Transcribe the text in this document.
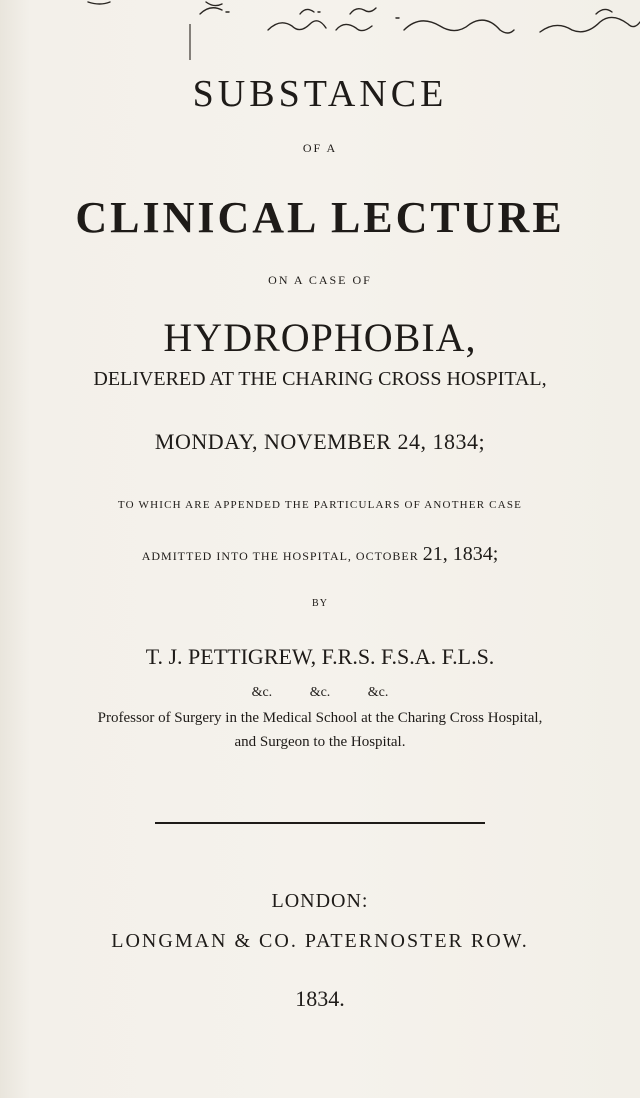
SUBSTANCE
OF A
CLINICAL LECTURE
ON A CASE OF
HYDROPHOBIA,
DELIVERED AT THE CHARING CROSS HOSPITAL,
MONDAY, NOVEMBER 24, 1834;
TO WHICH ARE APPENDED THE PARTICULARS OF ANOTHER CASE
ADMITTED INTO THE HOSPITAL, OCTOBER 21, 1834;
BY
T. J. PETTIGREW, F.R.S. F.S.A. F.L.S.
&c.	&c.	&c.
Professor of Surgery in the Medical School at the Charing Cross Hospital,
and Surgeon to the Hospital.
LONDON:
LONGMAN & CO. PATERNOSTER ROW.
1834.
